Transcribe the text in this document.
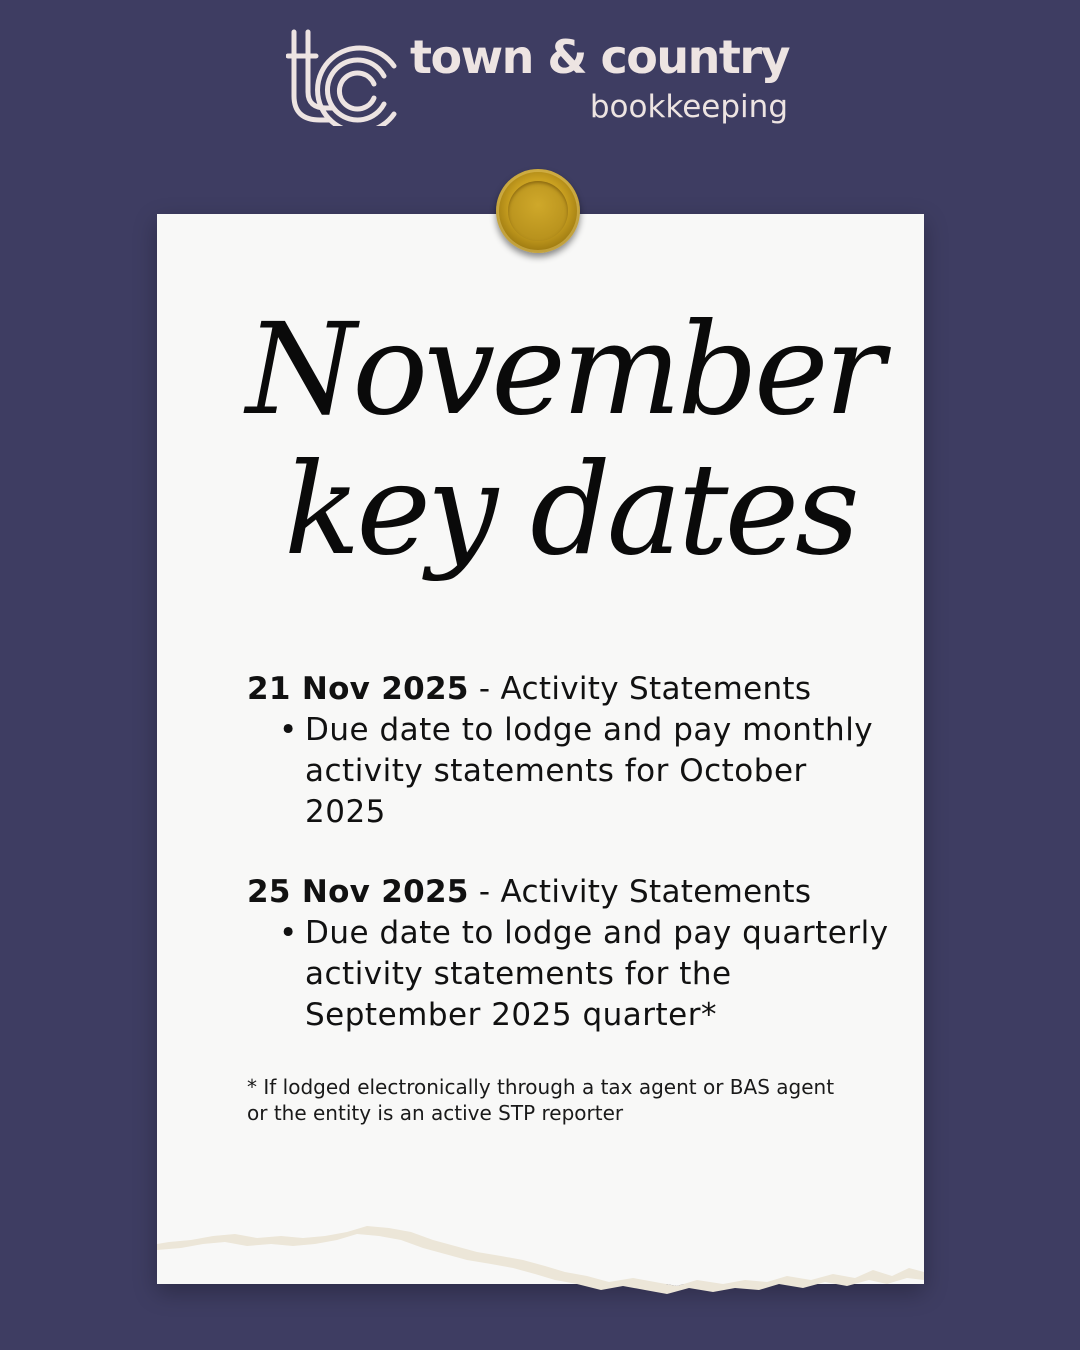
town & country
bookkeeping
November
key dates
21 Nov 2025 - Activity Statements
• Due date to lodge and pay monthly activity statements for October 2025
25 Nov 2025 - Activity Statements
• Due date to lodge and pay quarterly activity statements for the September 2025 quarter*
* If lodged electronically through a tax agent or BAS agent or the entity is an active STP reporter
